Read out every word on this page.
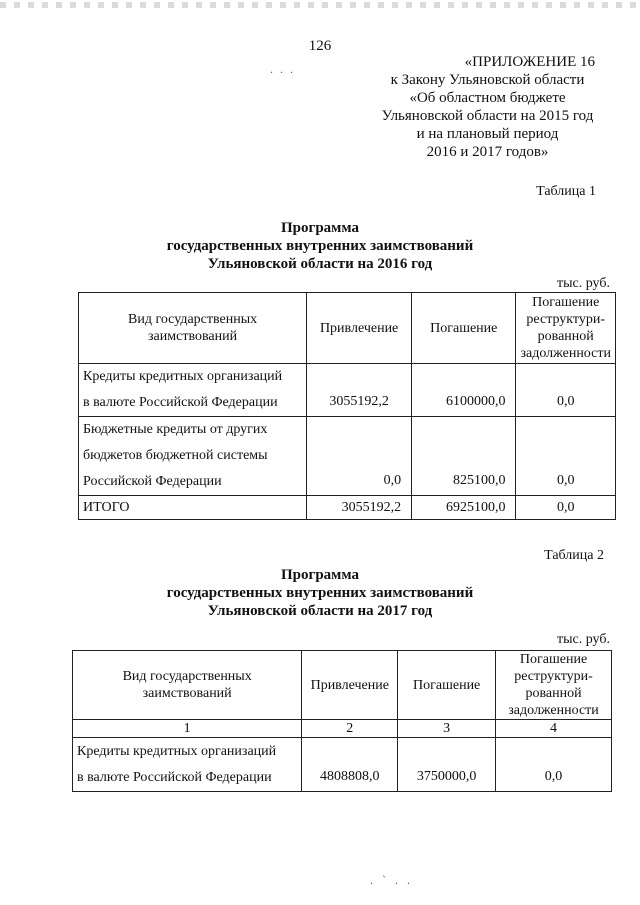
126
. . .	«ПРИЛОЖЕНИЕ 16

к Закону Ульяновской области
«Об областном бюджете
Ульяновской области на 2015 год
и на плановый период
2016 и 2017 годов»
Таблица 1
Программа
государственных внутренних заимствований
Ульяновской области на 2016 год
тыс. руб.
Вид государственных заимствований	Привлечение	Погашение	Погашение реструктури-рованной задолженности
Кредиты кредитных организаций
в валюте Российской Федерации	3055192,2	6100000,0	0,0
Бюджетные кредиты от других
бюджетов бюджетной системы
Российской Федерации	0,0	825100,0	0,0
ИТОГО	3055192,2	6925100,0	0,0
Таблица 2
Программа
государственных внутренних заимствований
Ульяновской области на 2017 год
тыс. руб.
Вид государственных заимствований	Привлечение	Погашение	Погашение реструктури-рованной задолженности
1	2	3	4
Кредиты кредитных организаций
в валюте Российской Федерации	4808808,0	3750000,0	0,0
. ` . .
